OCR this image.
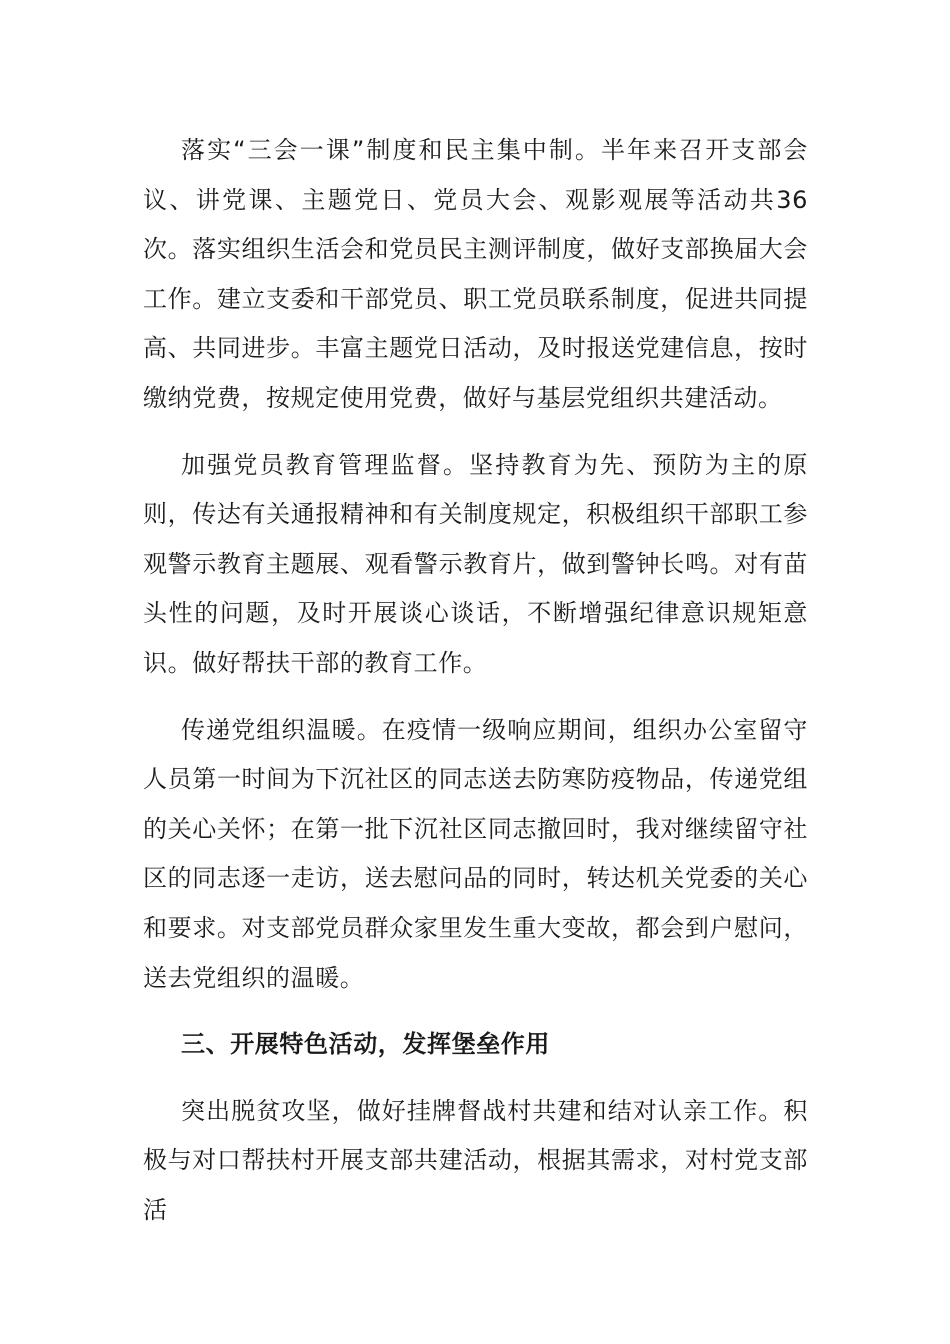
落实“三会一课”制度和民主集中制。半年来召开支部会议、讲党课、主题党日、党员大会、观影观展等活动共36次。落实组织生活会和党员民主测评制度，做好支部换届大会工作。建立支委和干部党员、职工党员联系制度，促进共同提高、共同进步。丰富主题党日活动，及时报送党建信息，按时缴纳党费，按规定使用党费，做好与基层党组织共建活动。

加强党员教育管理监督。坚持教育为先、预防为主的原则，传达有关通报精神和有关制度规定，积极组织干部职工参观警示教育主题展、观看警示教育片，做到警钟长鸣。对有苗头性的问题，及时开展谈心谈话，不断增强纪律意识规矩意识。做好帮扶干部的教育工作。

传递党组织温暖。在疫情一级响应期间，组织办公室留守人员第一时间为下沉社区的同志送去防寒防疫物品，传递党组的关心关怀；在第一批下沉社区同志撤回时，我对继续留守社区的同志逐一走访，送去慰问品的同时，转达机关党委的关心和要求。对支部党员群众家里发生重大变故，都会到户慰问，送去党组织的温暖。

三、开展特色活动，发挥堡垒作用

突出脱贫攻坚，做好挂牌督战村共建和结对认亲工作。积极与对口帮扶村开展支部共建活动，根据其需求，对村党支部活
